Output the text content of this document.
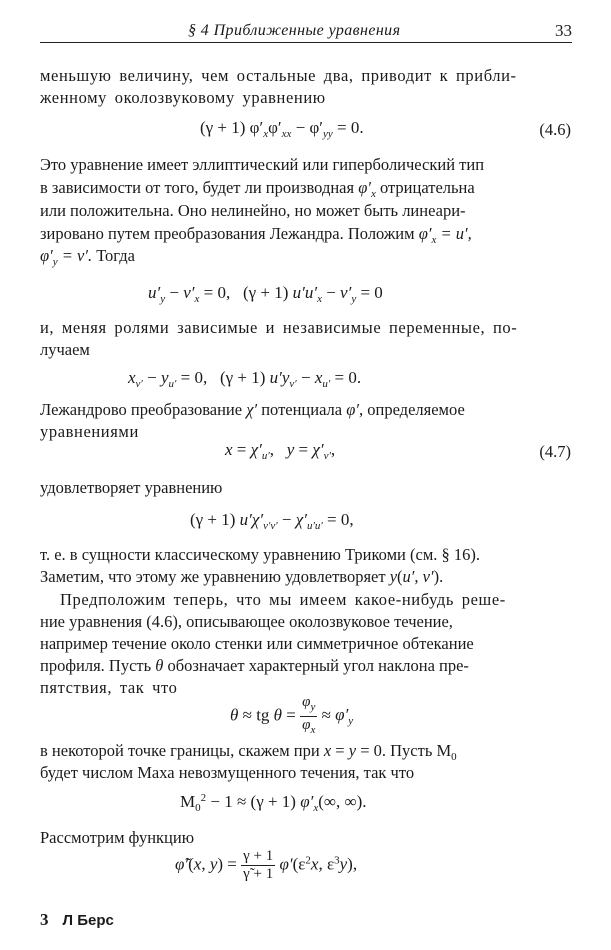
§ 4 Приближенные уравнения	33
меньшую величину, чем остальные два, приводит к прибли-
женному околозвуковому уравнению
(γ + 1) $\varphi'_x\varphi'_{xx} - \varphi'_{yy} = 0$.	(4.6)
Это уравнение имеет эллиптический или гиперболический тип
в зависимости от того, будет ли производная $\varphi'_x$ отрицательна
или положительна. Оно нелинейно, но может быть линеари-
зировано путем преобразования Лежандра. Положим $\varphi'_x = u'$,
$\varphi'_y = v'$. Тогда
$u'_y - v'_x = 0$,   (γ + 1) $u'u'_x - v'_y = 0$
и, меняя ролями зависимые и независимые переменные, по-
лучаем
$x_{v'} - y_{u'} = 0$,   (γ + 1) $u'y_{v'} - x_{u'} = 0$.
Лежандрово преобразование χ′ потенциала φ′, определяемое
уравнениями
$x = \chi'_{u'}$,   $y = \chi'_{v'}$,	(4.7)
удовлетворяет уравнению
(γ + 1) $u'\chi'_{v'v'} - \chi'_{u'u'} = 0$,
т. е. в сущности классическому уравнению Трикоми (см. § 16).
Заметим, что этому же уравнению удовлетворяет y(u′, v′).
Предположим теперь, что мы имеем какое-нибудь реше-
ние уравнения (4.6), описывающее околозвуковое течение,
например течение около стенки или симметричное обтекание
профиля. Пусть θ обозначает характерный угол наклона пре-
пятствия, так что
θ ≈ tg $\theta = \frac{\varphi_y}{\varphi_x} \approx \varphi'_y$
в некоторой точке границы, скажем при x = y = 0. Пусть $M_0$
будет числом Маха невозмущенного течения, так что
$M_0^2 - 1 \approx (\gamma + 1)$ $\varphi'_x(\infty$, ∞).
Рассмотрим функцию
φ̃′(x, $y) = \frac{\gamma + 1}{\gammã + 1} \varphi'(\varepsilon^2x$, $\varepsilon^3y$),
3 Л Берс
